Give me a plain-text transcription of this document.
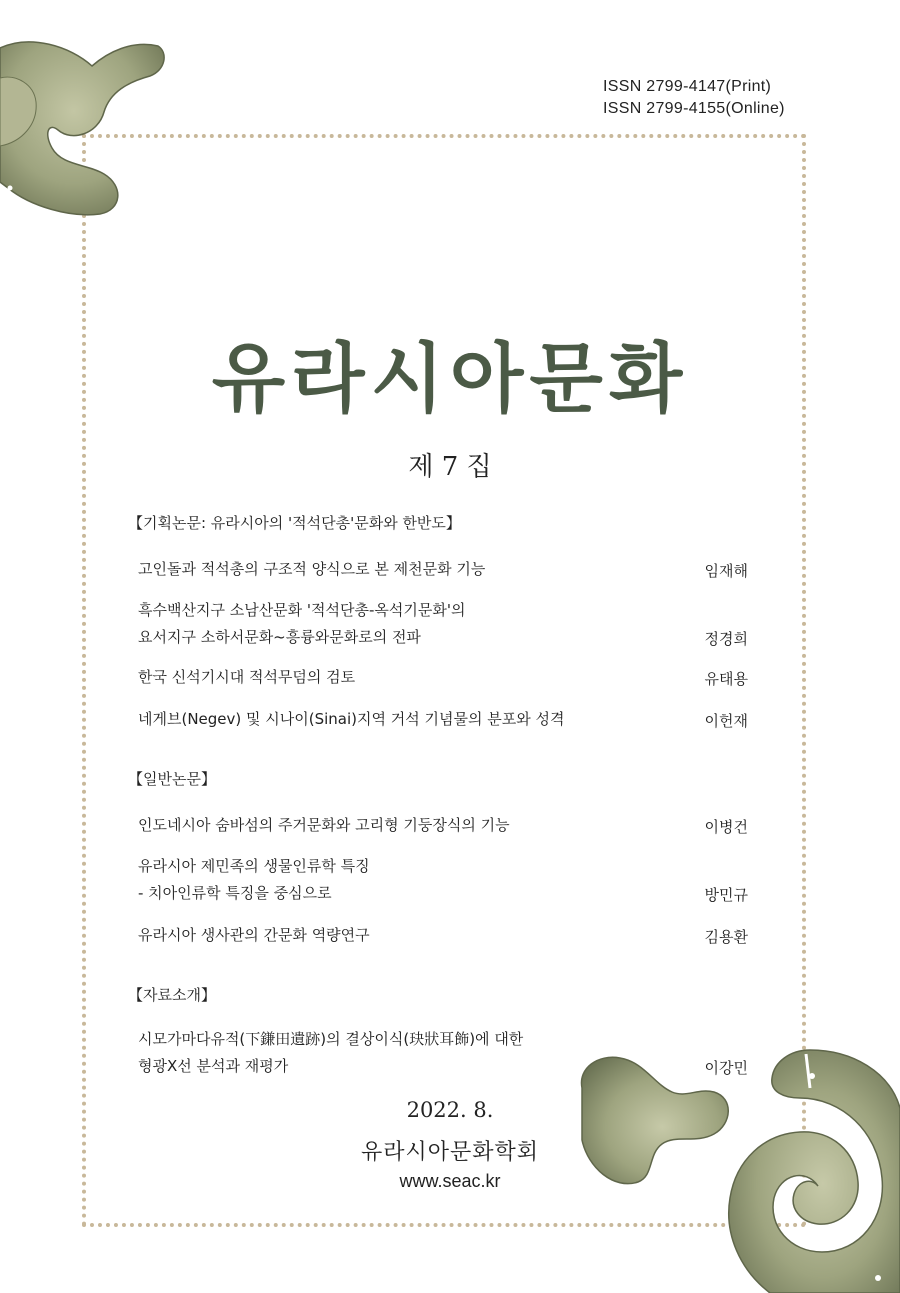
ISSN 2799-4147(Print)
ISSN 2799-4155(Online)
유라시아문화
제 7 집
【기획논문: 유라시아의 '적석단총'문화와 한반도】
고인돌과 적석총의 구조적 양식으로 본 제천문화 기능	임재해
흑수백산지구 소남산문화 '적석단총-옥석기문화'의
요서지구 소하서문화~흥륭와문화로의 전파	정경희
한국 신석기시대 적석무덤의 검토	유태용
네게브(Negev) 및 시나이(Sinai)지역 거석 기념물의 분포와 성격	이헌재
【일반논문】
인도네시아 숨바섬의 주거문화와 고리형 기둥장식의 기능	이병건
유라시아 제민족의 생물인류학 특징
- 치아인류학 특징을 중심으로	방민규
유라시아 생사관의 간문화 역량연구	김용환
【자료소개】
시모가마다유적(下鎌田遺跡)의 결상이식(玦狀耳飾)에 대한
형광X선 분석과 재평가	이강민
2022. 8.
유라시아문화학회
www.seac.kr
